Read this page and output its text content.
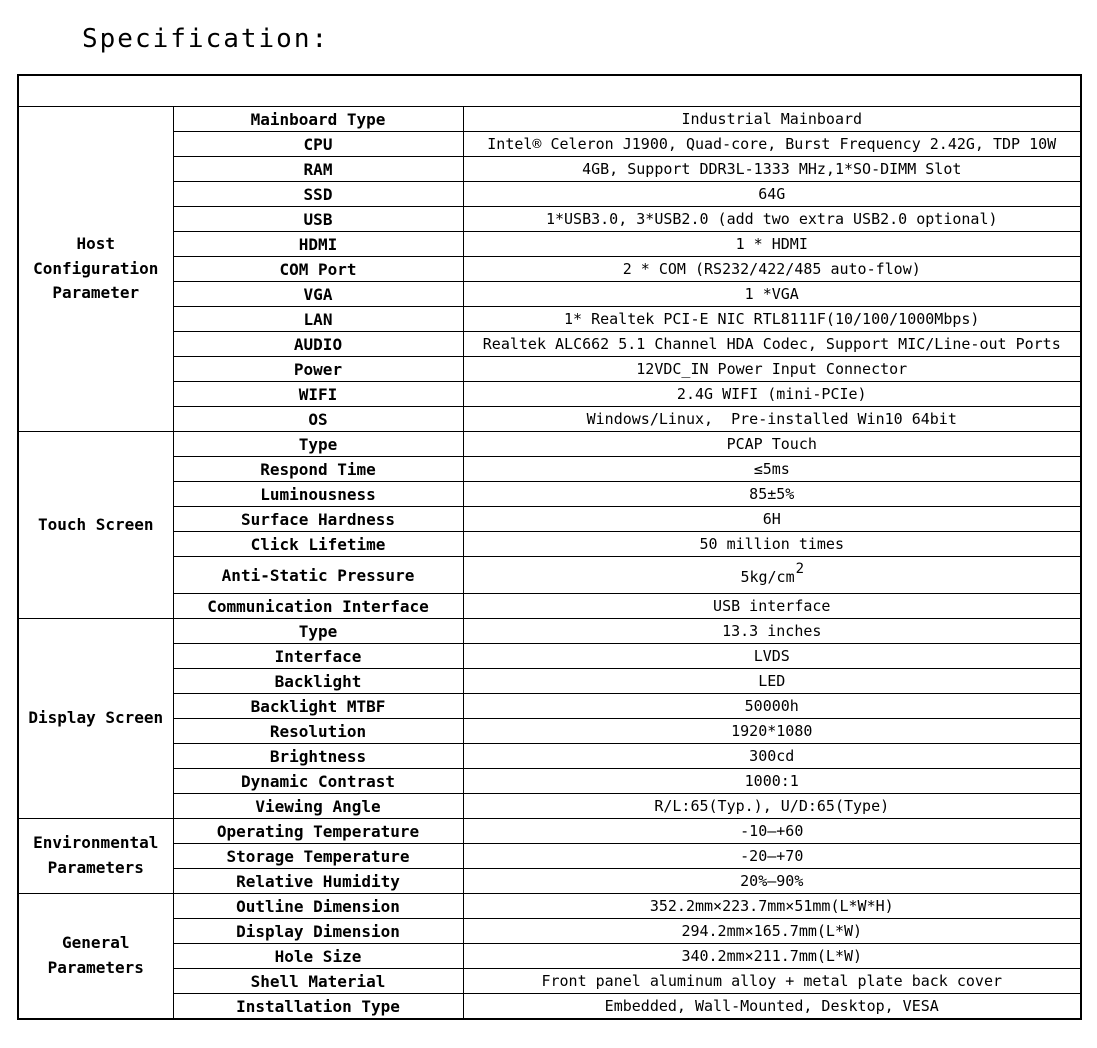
Specification:

Host Configuration Parameter	Mainboard Type	Industrial Mainboard
	CPU	Intel® Celeron J1900, Quad-core, Burst Frequency 2.42G, TDP 10W
	RAM	4GB, Support DDR3L-1333 MHz,1*SO-DIMM Slot
	SSD	64G
	USB	1*USB3.0, 3*USB2.0 (add two extra USB2.0 optional)
	HDMI	1 * HDMI
	COM Port	2 * COM (RS232/422/485 auto-flow)
	VGA	1 *VGA
	LAN	1* Realtek PCI-E NIC RTL8111F(10/100/1000Mbps)
	AUDIO	Realtek ALC662 5.1 Channel HDA Codec, Support MIC/Line-out Ports
	Power	12VDC_IN Power Input Connector
	WIFI	2.4G WIFI (mini-PCIe)
	OS	Windows/Linux,  Pre-installed Win10 64bit
Touch Screen	Type	PCAP Touch
	Respond Time	≤5ms
	Luminousness	85±5%
	Surface Hardness	6H
	Click Lifetime	50 million times
	Anti-Static Pressure	$5kg/cm^2$
	Communication Interface	USB interface
Display Screen	Type	13.3 inches
	Interface	LVDS
	Backlight	LED
	Backlight MTBF	50000h
	Resolution	1920*1080
	Brightness	300cd
	Dynamic Contrast	1000:1
	Viewing Angle	R/L:65(Typ.), U/D:65(Type)
Environmental Parameters	Operating Temperature	-10—+60
	Storage Temperature	-20—+70
	Relative Humidity	20%—90%
General Parameters	Outline Dimension	352.2mm×223.7mm×51mm(L*W*H)
	Display Dimension	294.2mm×165.7mm(L*W)
	Hole Size	340.2mm×211.7mm(L*W)
	Shell Material	Front panel aluminum alloy + metal plate back cover
	Installation Type	Embedded, Wall-Mounted, Desktop, VESA
